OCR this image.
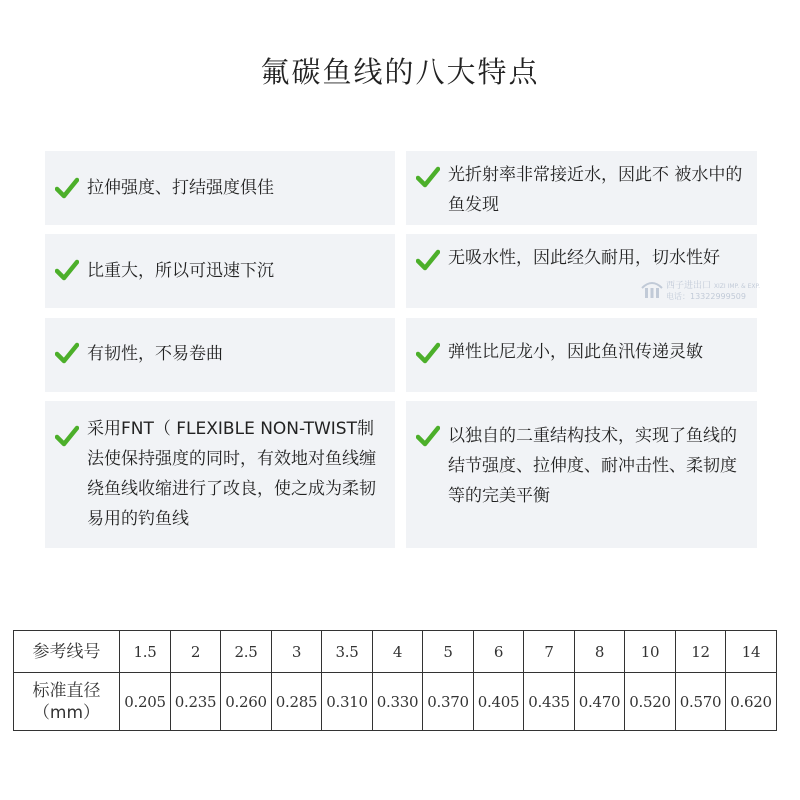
氟碳鱼线的八大特点
拉伸强度、打结强度俱佳
光折射率非常接近水，因此不 被水中的鱼发现
比重大，所以可迅速下沉
无吸水性，因此经久耐用，切水性好
有韧性，不易卷曲	弹性比尼龙小，因此鱼汛传递灵敏
采用FNT（ FLEXIBLE NON-TWIST制法使保持强度的同时，有效地对鱼线缠绕鱼线收缩进行了改良，使之成为柔韧易用的钓鱼线
以独自的二重结构技术，实现了鱼线的结节强度、拉伸度、耐冲击性、柔韧度等的完美平衡
西子进出口 XIZI IMP. & EXP.
电话：13322999509
参考线号	1.5	2	2.5	3	3.5	4	5	6	7	8	10	12	14

标准直径
（mm）	0.205	0.235	0.260	0.285	0.310	0.330	0.370	0.405	0.435	0.470	0.520	0.570	0.620
